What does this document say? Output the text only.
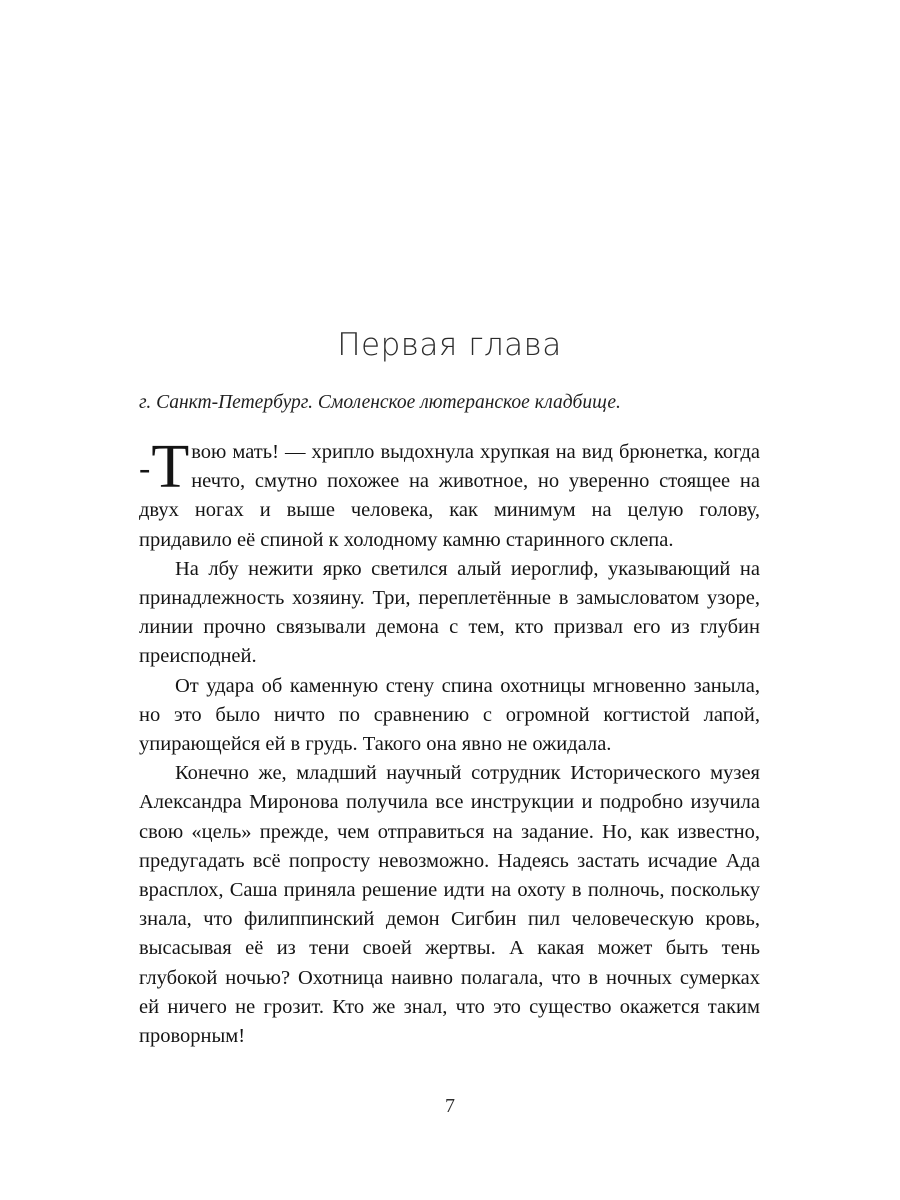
Первая глава

г. Санкт-Петербург. Смоленское лютеранское кладбище.

- Т вою мать! — хрипло выдохнула хрупкая на вид брюнетка, когда нечто, смутно похожее на животное, но уверенно стоящее на двух ногах и выше человека, как минимум на целую голову, придавило её спиной к холодному камню старинного склепа.

На лбу нежити ярко светился алый иероглиф, указывающий на принадлежность хозяину. Три, переплетённые в замысловатом узоре, линии прочно связывали демона с тем, кто призвал его из глубин преисподней.

От удара об каменную стену спина охотницы мгновенно заныла, но это было ничто по сравнению с огромной когтистой лапой, упирающейся ей в грудь. Такого она явно не ожидала.

Конечно же, младший научный сотрудник Исторического музея Александра Миронова получила все инструкции и подробно изучила свою «цель» прежде, чем отправиться на задание. Но, как известно, предугадать всё попросту невозможно. Надеясь застать исчадие Ада врасплох, Саша приняла решение идти на охоту в полночь, поскольку знала, что филиппинский демон Сигбин пил человеческую кровь, высасывая её из тени своей жертвы. А какая может быть тень глубокой ночью? Охотница наивно полагала, что в ночных сумерках ей ничего не грозит. Кто же знал, что это существо окажется таким проворным!

7
